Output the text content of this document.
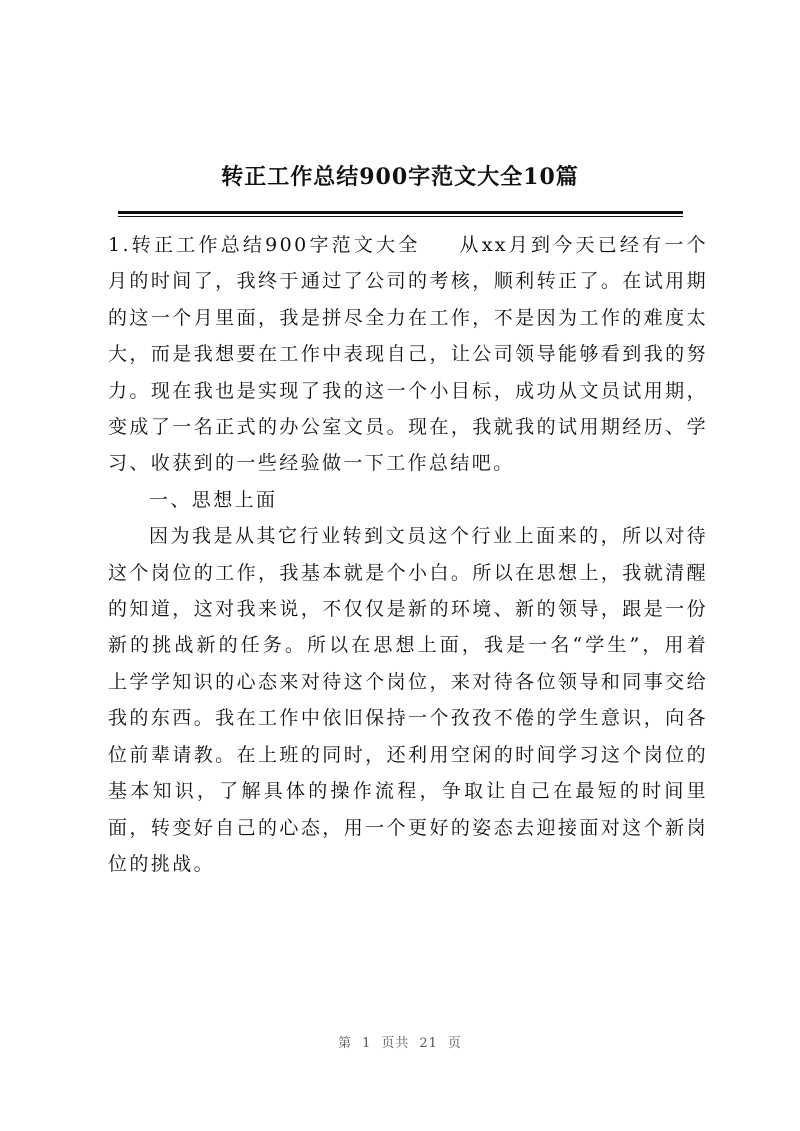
转正工作总结900字范文大全10篇

1.转正工作总结900字范文大全 从xx月到今天已经有一个月的时间了，我终于通过了公司的考核，顺利转正了。在试用期的这一个月里面，我是拼尽全力在工作，不是因为工作的难度太大，而是我想要在工作中表现自己，让公司领导能够看到我的努力。现在我也是实现了我的这一个小目标，成功从文员试用期，变成了一名正式的办公室文员。现在，我就我的试用期经历、学习、收获到的一些经验做一下工作总结吧。

一、思想上面

因为我是从其它行业转到文员这个行业上面来的，所以对待这个岗位的工作，我基本就是个小白。所以在思想上，我就清醒的知道，这对我来说，不仅仅是新的环境、新的领导，跟是一份新的挑战新的任务。所以在思想上面，我是一名“学生”，用着上学学知识的心态来对待这个岗位，来对待各位领导和同事交给我的东西。我在工作中依旧保持一个孜孜不倦的学生意识，向各位前辈请教。在上班的同时，还利用空闲的时间学习这个岗位的基本知识，了解具体的操作流程，争取让自己在最短的时间里面，转变好自己的心态，用一个更好的姿态去迎接面对这个新岗位的挑战。

第 1 页共 21 页
